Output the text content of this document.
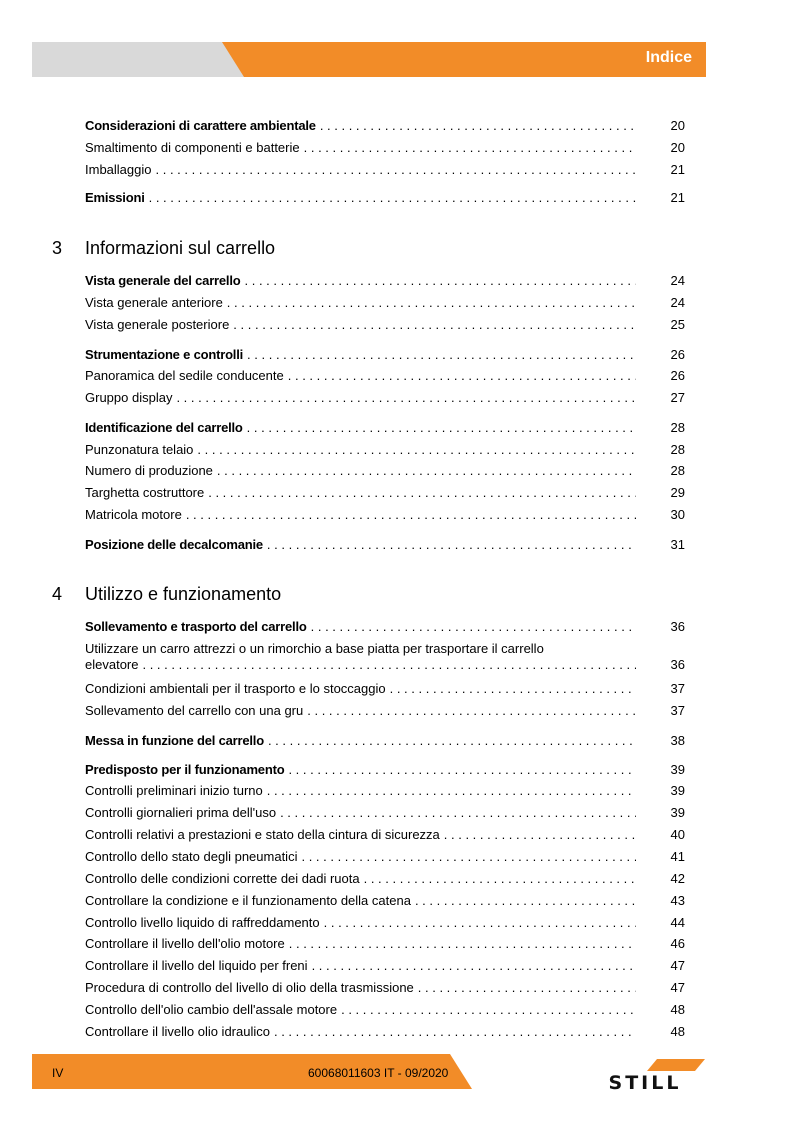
Indice
Considerazioni di carattere ambientale . . .	20
Smaltimento di componenti e batterie . . .	20
Imballaggio . . .	21
Emissioni . . .	21
3	Informazioni sul carrello
Vista generale del carrello . . .	24
Vista generale anteriore . . .	24
Vista generale posteriore . . .	25
Strumentazione e controlli . . .	26
Panoramica del sedile conducente . . .	26
Gruppo display . . .	27
Identificazione del carrello . . .	28
Punzonatura telaio . . .	28
Numero di produzione . . .	28
Targhetta costruttore . . .	29
Matricola motore . . .	30
Posizione delle decalcomanie . . .	31
4	Utilizzo e funzionamento
Sollevamento e trasporto del carrello . . .	36
Utilizzare un carro attrezzi o un rimorchio a base piatta per trasportare il carrello
elevatore . . .	36
Condizioni ambientali per il trasporto e lo stoccaggio . . .	37
Sollevamento del carrello con una gru . . .	37
Messa in funzione del carrello . . .	38
Predisposto per il funzionamento . . .	39
Controlli preliminari inizio turno . . .	39
Controlli giornalieri prima dell'uso . . .	39
Controlli relativi a prestazioni e stato della cintura di sicurezza . . .	40
Controllo dello stato degli pneumatici . . .	41
Controllo delle condizioni corrette dei dadi ruota . . .	42
Controllare la condizione e il funzionamento della catena . . .	43
Controllo livello liquido di raffreddamento . . .	44
Controllare il livello dell'olio motore . . .	46
Controllare il livello del liquido per freni . . .	47
Procedura di controllo del livello di olio della trasmissione . . .	47
Controllo dell'olio cambio dell'assale motore . . .	48
Controllare il livello olio idraulico . . .	48
IV	60068011603 IT - 09/2020	STILL
